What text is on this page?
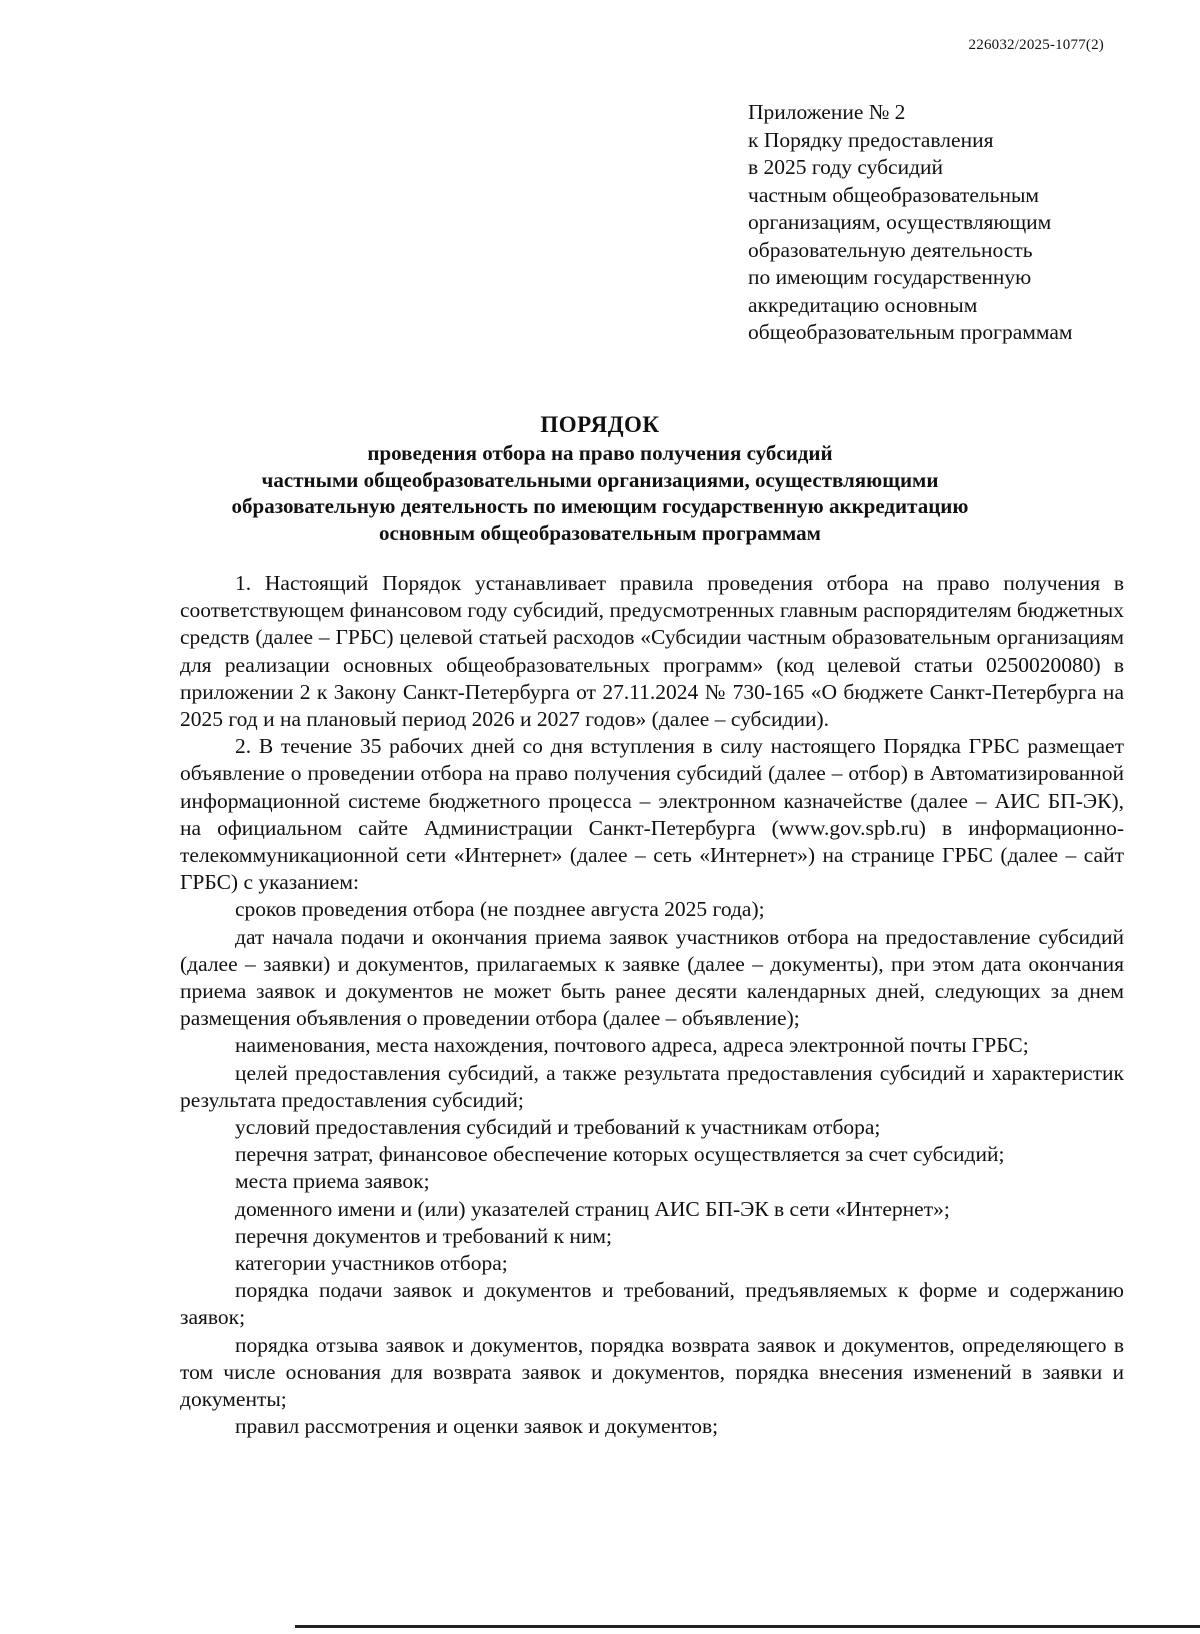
226032/2025-1077(2)
Приложение № 2
к Порядку предоставления
в 2025 году субсидий
частным общеобразовательным
организациям, осуществляющим
образовательную деятельность
по имеющим государственную
аккредитацию основным
общеобразовательным программам
ПОРЯДОК
проведения отбора на право получения субсидий
частными общеобразовательными организациями, осуществляющими
образовательную деятельность по имеющим государственную аккредитацию
основным общеобразовательным программам

1. Настоящий Порядок устанавливает правила проведения отбора на право получения в соответствующем финансовом году субсидий, предусмотренных главным распорядителям бюджетных средств (далее – ГРБС) целевой статьей расходов «Субсидии частным образовательным организациям для реализации основных общеобразовательных программ» (код целевой статьи 0250020080) в приложении 2 к Закону Санкт-Петербурга от 27.11.2024 № 730-165 «О бюджете Санкт-Петербурга на 2025 год и на плановый период 2026 и 2027 годов» (далее – субсидии).

2. В течение 35 рабочих дней со дня вступления в силу настоящего Порядка ГРБС размещает объявление о проведении отбора на право получения субсидий (далее – отбор) в Автоматизированной информационной системе бюджетного процесса – электронном казначействе (далее – АИС БП-ЭК), на официальном сайте Администрации Санкт-Петербурга (www.gov.spb.ru) в информационно-телекоммуникационной сети «Интернет» (далее – сеть «Интернет») на странице ГРБС (далее – сайт ГРБС) с указанием:

сроков проведения отбора (не позднее августа 2025 года);

дат начала подачи и окончания приема заявок участников отбора на предоставление субсидий (далее – заявки) и документов, прилагаемых к заявке (далее – документы), при этом дата окончания приема заявок и документов не может быть ранее десяти календарных дней, следующих за днем размещения объявления о проведении отбора (далее – объявление);

наименования, места нахождения, почтового адреса, адреса электронной почты ГРБС;

целей предоставления субсидий, а также результата предоставления субсидий и характеристик результата предоставления субсидий;

условий предоставления субсидий и требований к участникам отбора;

перечня затрат, финансовое обеспечение которых осуществляется за счет субсидий;

места приема заявок;

доменного имени и (или) указателей страниц АИС БП-ЭК в сети «Интернет»;

перечня документов и требований к ним;

категории участников отбора;

порядка подачи заявок и документов и требований, предъявляемых к форме и содержанию заявок;

порядка отзыва заявок и документов, порядка возврата заявок и документов, определяющего в том числе основания для возврата заявок и документов, порядка внесения изменений в заявки и документы;

правил рассмотрения и оценки заявок и документов;
